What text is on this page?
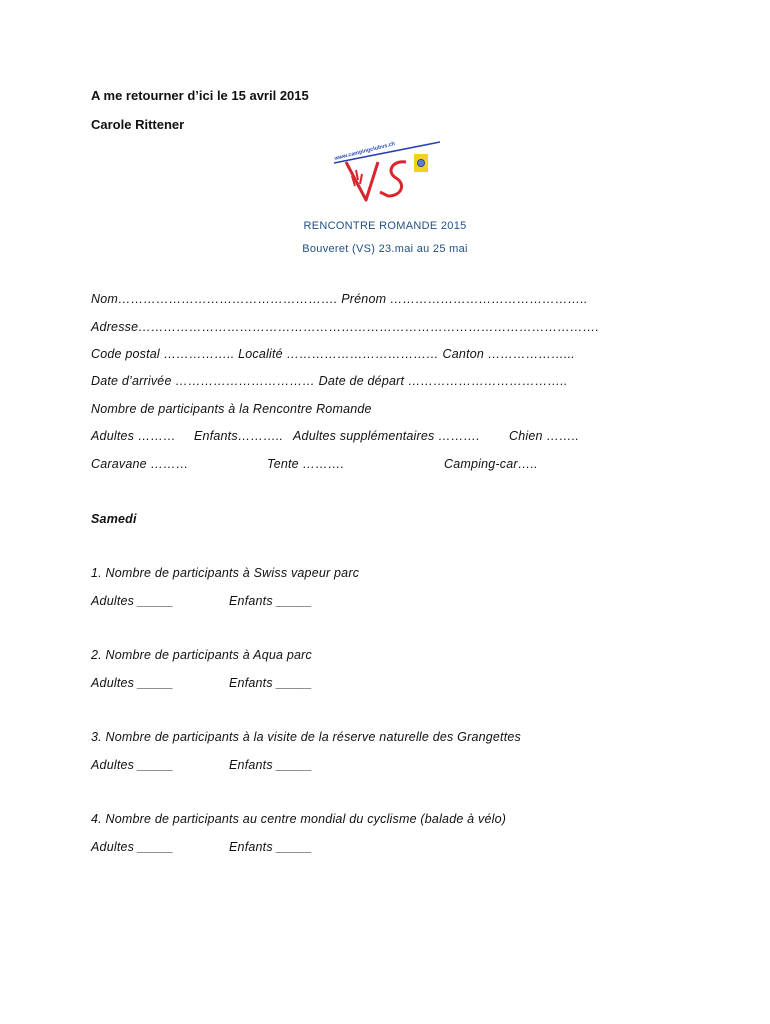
A me retourner d’ici le 15 avril 2015
Carole Rittener
www.campingclubvs.ch
RENCONTRE ROMANDE 2015
Bouveret (VS) 23.mai au 25 mai
Nom……………………………………………. Prénom ………………………………………..
Adresse……………………………………………………………………………………………….
Code postal …………….. Localité ……………………………… Canton ………………...
Date d’arrivée …………………………… Date de départ ………………………………..
Nombre de participants à la Rencontre Romande
Adultes ……… Enfants……….. Adultes supplémentaires ………. Chien ……..
Caravane ………	Tente ……….	Camping-car…..
Samedi
1. Nombre de participants à Swiss vapeur parc
Adultes _____	Enfants _____
2. Nombre de participants à Aqua parc
Adultes _____	Enfants _____
3. Nombre de participants à la visite de la réserve naturelle des Grangettes
Adultes _____	Enfants _____
4. Nombre de participants au centre mondial du cyclisme (balade à vélo)
Adultes _____	Enfants _____
